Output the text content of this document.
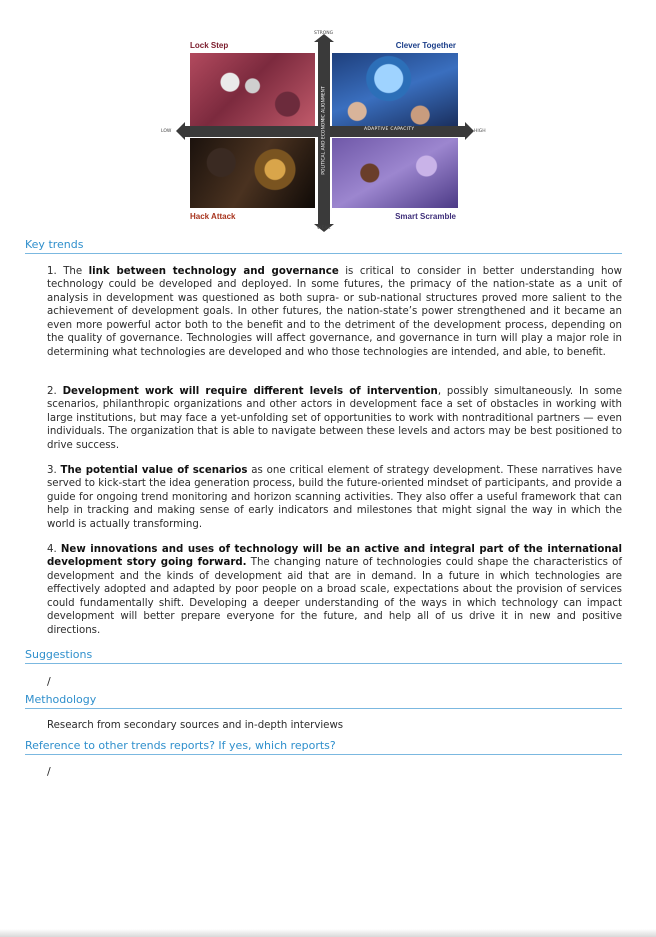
POLITICAL AND ECONOMIC ALIGNMENT	ADAPTIVE CAPACITY
STRONG
WEAK
LOW	HIGH
Lock Step	Clever Together
Hack Attack	Smart Scramble
Key trends

1. The link between technology and governance is critical to consider in better understanding how technology could be developed and deployed. In some futures, the primacy of the nation-state as a unit of analysis in development was questioned as both supra- or sub-national structures proved more salient to the achievement of development goals. In other futures, the nation-state’s power strengthened and it became an even more powerful actor both to the benefit and to the detriment of the development process, depending on the quality of governance. Technologies will affect governance, and governance in turn will play a major role in determining what technologies are developed and who those technologies are intended, and able, to benefit.

2. Development work will require different levels of intervention, possibly simultaneously. In some scenarios, philanthropic organizations and other actors in development face a set of obstacles in working with large institutions, but may face a yet-unfolding set of opportunities to work with nontraditional partners — even individuals. The organization that is able to navigate between these levels and actors may be best positioned to drive success.

3. The potential value of scenarios as one critical element of strategy development. These narratives have served to kick-start the idea generation process, build the future-oriented mindset of participants, and provide a guide for ongoing trend monitoring and horizon scanning activities. They also offer a useful framework that can help in tracking and making sense of early indicators and milestones that might signal the way in which the world is actually transforming.

4. New innovations and uses of technology will be an active and integral part of the international development story going forward. The changing nature of technologies could shape the characteristics of development and the kinds of development aid that are in demand. In a future in which technologies are effectively adopted and adapted by poor people on a broad scale, expectations about the provision of services could fundamentally shift. Developing a deeper understanding of the ways in which technology can impact development will better prepare everyone for the future, and help all of us drive it in new and positive directions.

Suggestions
/
Methodology
Research from secondary sources and in-depth interviews
Reference to other trends reports? If yes, which reports?
/
